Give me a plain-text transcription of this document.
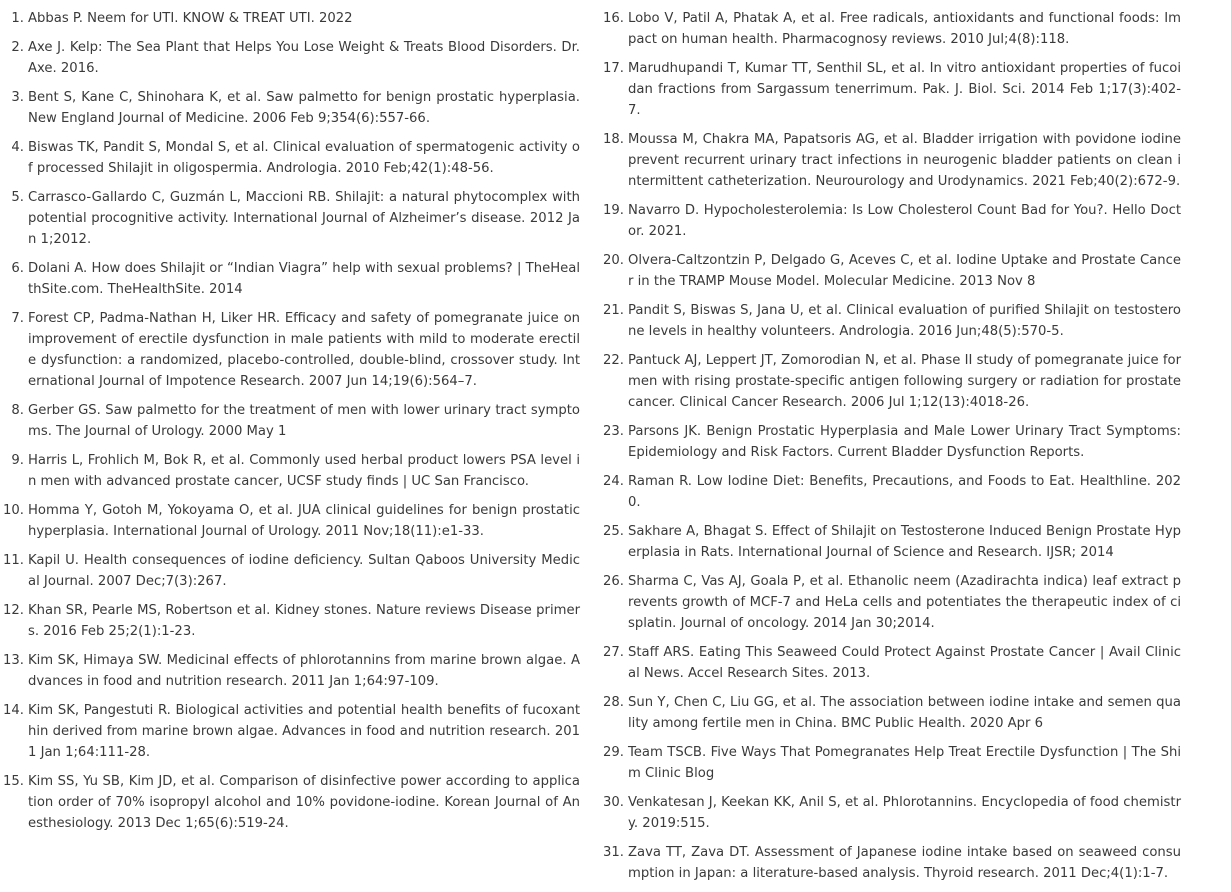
1. Abbas P. Neem for UTI. KNOW & TREAT UTI. 2022
2. Axe J. Kelp: The Sea Plant that Helps You Lose Weight & Treats Blood Disorders. Dr. Axe. 2016.
3. Bent S, Kane C, Shinohara K, et al. Saw palmetto for benign prostatic hyperplasia. New England Journal of Medicine. 2006 Feb 9;354(6):557-66.
4. Biswas TK, Pandit S, Mondal S, et al. Clinical evaluation of spermatogenic activity of processed Shilajit in oligospermia. Andrologia. 2010 Feb;42(1):48-56.
5. Carrasco-Gallardo C, Guzmán L, Maccioni RB. Shilajit: a natural phytocomplex with potential procognitive activity. International Journal of Alzheimer’s disease. 2012 Jan 1;2012.
6. Dolani A. How does Shilajit or “Indian Viagra” help with sexual problems? | TheHealthSite.com. TheHealthSite. 2014
7. Forest CP, Padma-Nathan H, Liker HR. Efficacy and safety of pomegranate juice on improvement of erectile dysfunction in male patients with mild to moderate erectile dysfunction: a randomized, placebo-controlled, double-blind, crossover study. International Journal of Impotence Research. 2007 Jun 14;19(6):564–7.
8. Gerber GS. Saw palmetto for the treatment of men with lower urinary tract symptoms. The Journal of Urology. 2000 May 1
9. Harris L, Frohlich M, Bok R, et al. Commonly used herbal product lowers PSA level in men with advanced prostate cancer, UCSF study finds | UC San Francisco.
10. Homma Y, Gotoh M, Yokoyama O, et al. JUA clinical guidelines for benign prostatic hyperplasia. International Journal of Urology. 2011 Nov;18(11):e1-33.
11. Kapil U. Health consequences of iodine deficiency. Sultan Qaboos University Medical Journal. 2007 Dec;7(3):267.
12. Khan SR, Pearle MS, Robertson et al. Kidney stones. Nature reviews Disease primers. 2016 Feb 25;2(1):1-23.
13. Kim SK, Himaya SW. Medicinal effects of phlorotannins from marine brown algae. Advances in food and nutrition research. 2011 Jan 1;64:97-109.
14. Kim SK, Pangestuti R. Biological activities and potential health benefits of fucoxanthin derived from marine brown algae. Advances in food and nutrition research. 2011 Jan 1;64:111-28.
15. Kim SS, Yu SB, Kim JD, et al. Comparison of disinfective power according to application order of 70% isopropyl alcohol and 10% povidone-iodine. Korean Journal of Anesthesiology. 2013 Dec 1;65(6):519-24.
16. Lobo V, Patil A, Phatak A, et al. Free radicals, antioxidants and functional foods: Impact on human health. Pharmacognosy reviews. 2010 Jul;4(8):118.
17. Marudhupandi T, Kumar TT, Senthil SL, et al. In vitro antioxidant properties of fucoidan fractions from Sargassum tenerrimum. Pak. J. Biol. Sci. 2014 Feb 1;17(3):402-7.
18. Moussa M, Chakra MA, Papatsoris AG, et al. Bladder irrigation with povidone iodine prevent recurrent urinary tract infections in neurogenic bladder patients on clean intermittent catheterization. Neurourology and Urodynamics. 2021 Feb;40(2):672-9.
19. Navarro D. Hypocholesterolemia: Is Low Cholesterol Count Bad for You?. Hello Doctor. 2021.
20. Olvera-Caltzontzin P, Delgado G, Aceves C, et al. Iodine Uptake and Prostate Cancer in the TRAMP Mouse Model. Molecular Medicine. 2013 Nov 8
21. Pandit S, Biswas S, Jana U, et al. Clinical evaluation of purified Shilajit on testosterone levels in healthy volunteers. Andrologia. 2016 Jun;48(5):570-5.
22. Pantuck AJ, Leppert JT, Zomorodian N, et al. Phase II study of pomegranate juice for men with rising prostate-specific antigen following surgery or radiation for prostate cancer. Clinical Cancer Research. 2006 Jul 1;12(13):4018-26.
23. Parsons JK. Benign Prostatic Hyperplasia and Male Lower Urinary Tract Symptoms: Epidemiology and Risk Factors. Current Bladder Dysfunction Reports.
24. Raman R. Low Iodine Diet: Benefits, Precautions, and Foods to Eat. Healthline. 2020.
25. Sakhare A, Bhagat S. Effect of Shilajit on Testosterone Induced Benign Prostate Hyperplasia in Rats. International Journal of Science and Research. IJSR; 2014
26. Sharma C, Vas AJ, Goala P, et al. Ethanolic neem (Azadirachta indica) leaf extract prevents growth of MCF-7 and HeLa cells and potentiates the therapeutic index of cisplatin. Journal of oncology. 2014 Jan 30;2014.
27. Staff ARS. Eating This Seaweed Could Protect Against Prostate Cancer | Avail Clinical News. Accel Research Sites. 2013.
28. Sun Y, Chen C, Liu GG, et al. The association between iodine intake and semen quality among fertile men in China. BMC Public Health. 2020 Apr 6
29. Team TSCB. Five Ways That Pomegranates Help Treat Erectile Dysfunction | The Shim Clinic Blog
30. Venkatesan J, Keekan KK, Anil S, et al. Phlorotannins. Encyclopedia of food chemistry. 2019:515.
31. Zava TT, Zava DT. Assessment of Japanese iodine intake based on seaweed consumption in Japan: a literature-based analysis. Thyroid research. 2011 Dec;4(1):1-7.
